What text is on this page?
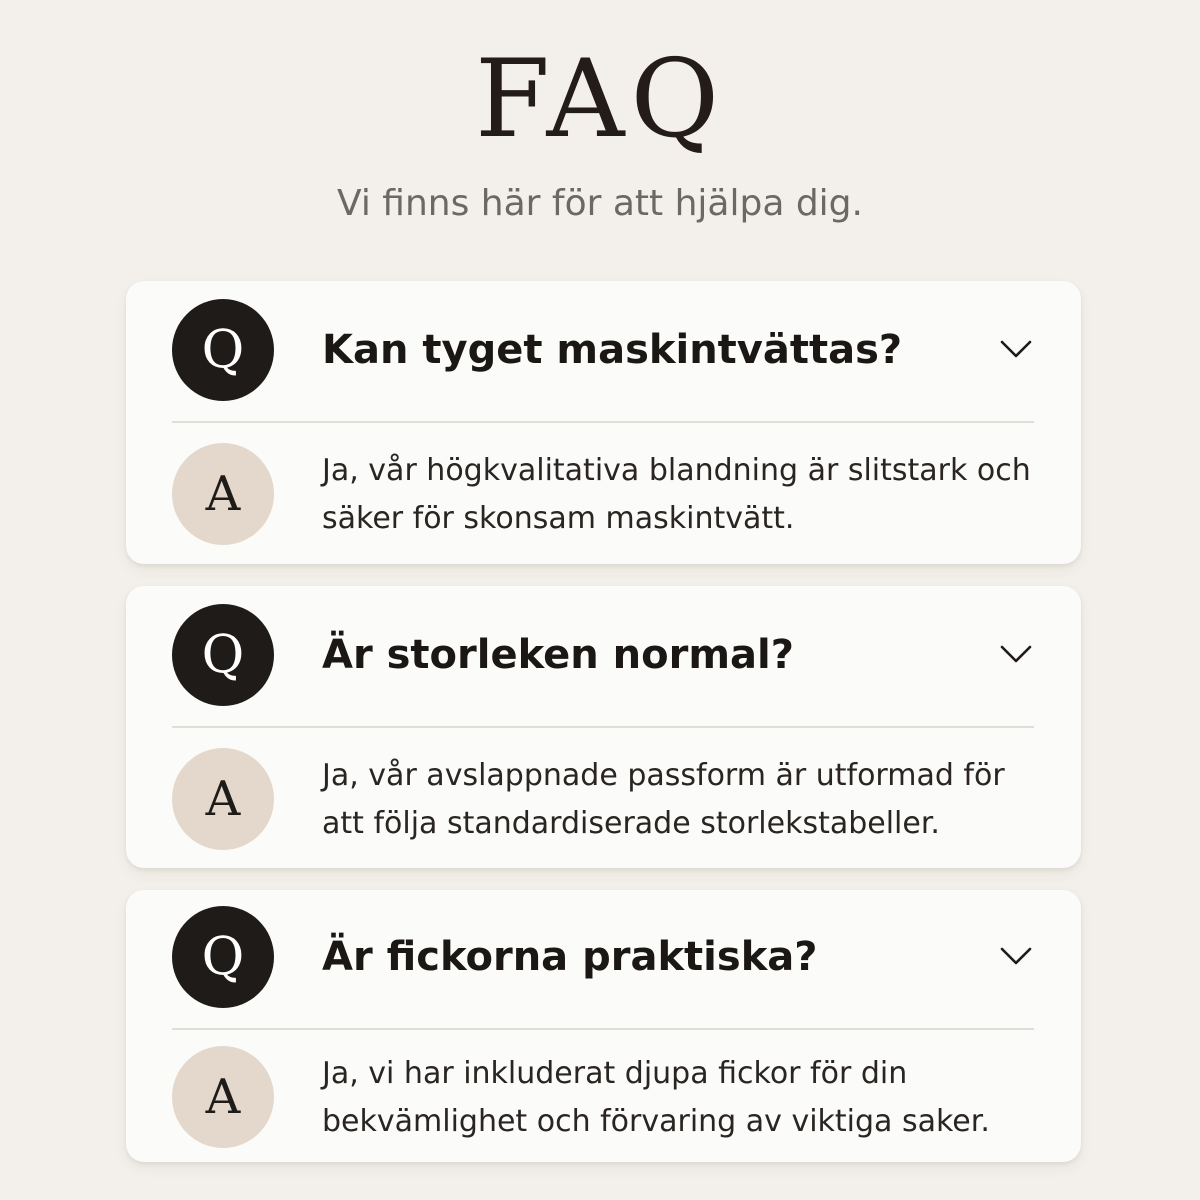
FAQ
Vi finns här för att hjälpa dig.
Q	Kan tyget maskintvättas?
A	Ja, vår högkvalitativa blandning är slitstark och säker för skonsam maskintvätt.
Q	Är storleken normal?
A	Ja, vår avslappnade passform är utformad för att följa standardiserade storlekstabeller.
Q	Är fickorna praktiska?
A	Ja, vi har inkluderat djupa fickor för din bekvämlighet och förvaring av viktiga saker.
